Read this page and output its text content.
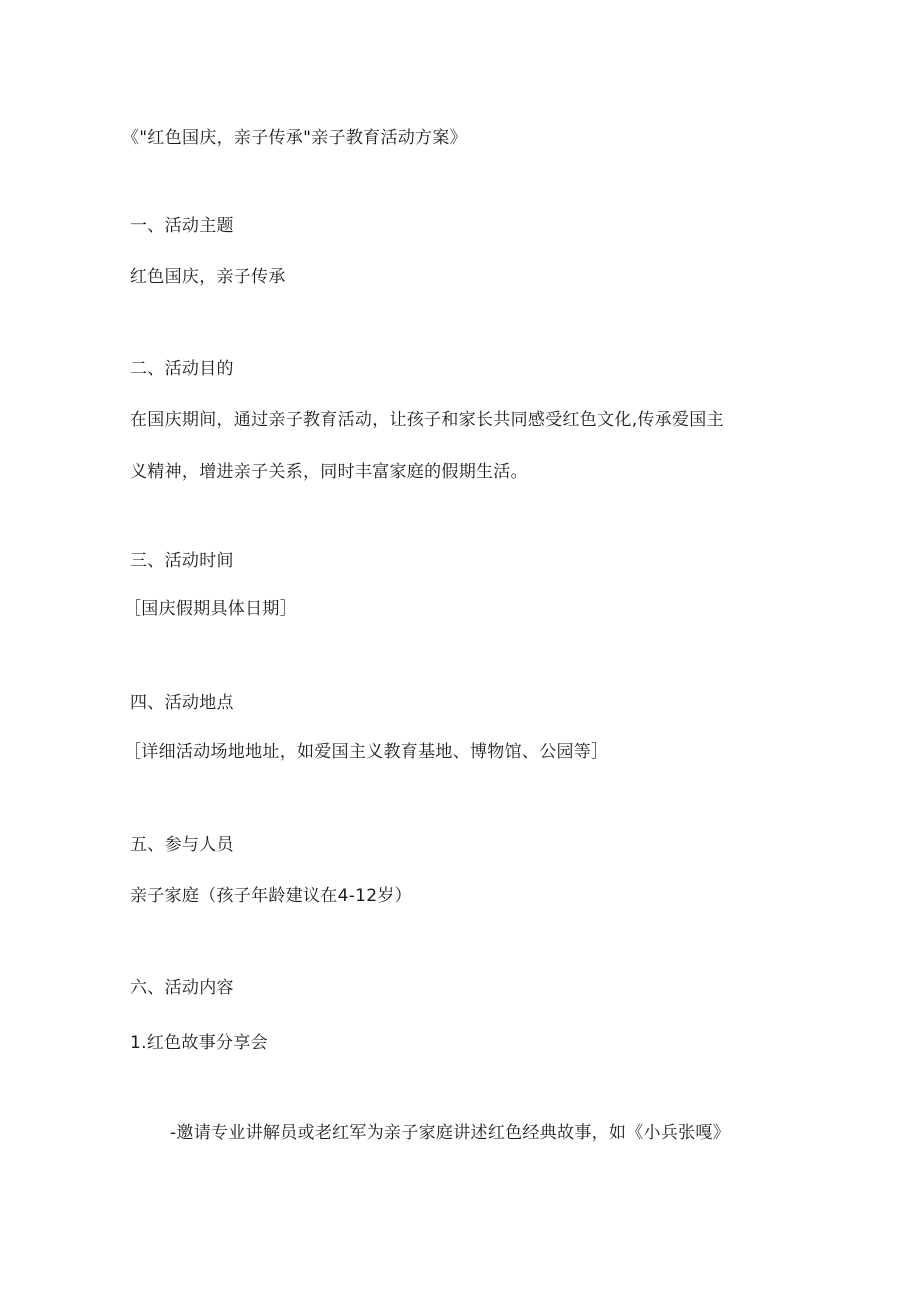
《"红色国庆，亲子传承"亲子教育活动方案》
一、活动主题
红色国庆，亲子传承
二、活动目的
在国庆期间，通过亲子教育活动，让孩子和家长共同感受红色文化,传承爱国主
义精神，增进亲子关系，同时丰富家庭的假期生活。
三、活动时间
［国庆假期具体日期］
四、活动地点
［详细活动场地地址，如爱国主义教育基地、博物馆、公园等］
五、参与人员
亲子家庭（孩子年龄建议在4-12岁）
六、活动内容
1.红色故事分享会
-邀请专业讲解员或老红军为亲子家庭讲述红色经典故事，如《小兵张嘎》
